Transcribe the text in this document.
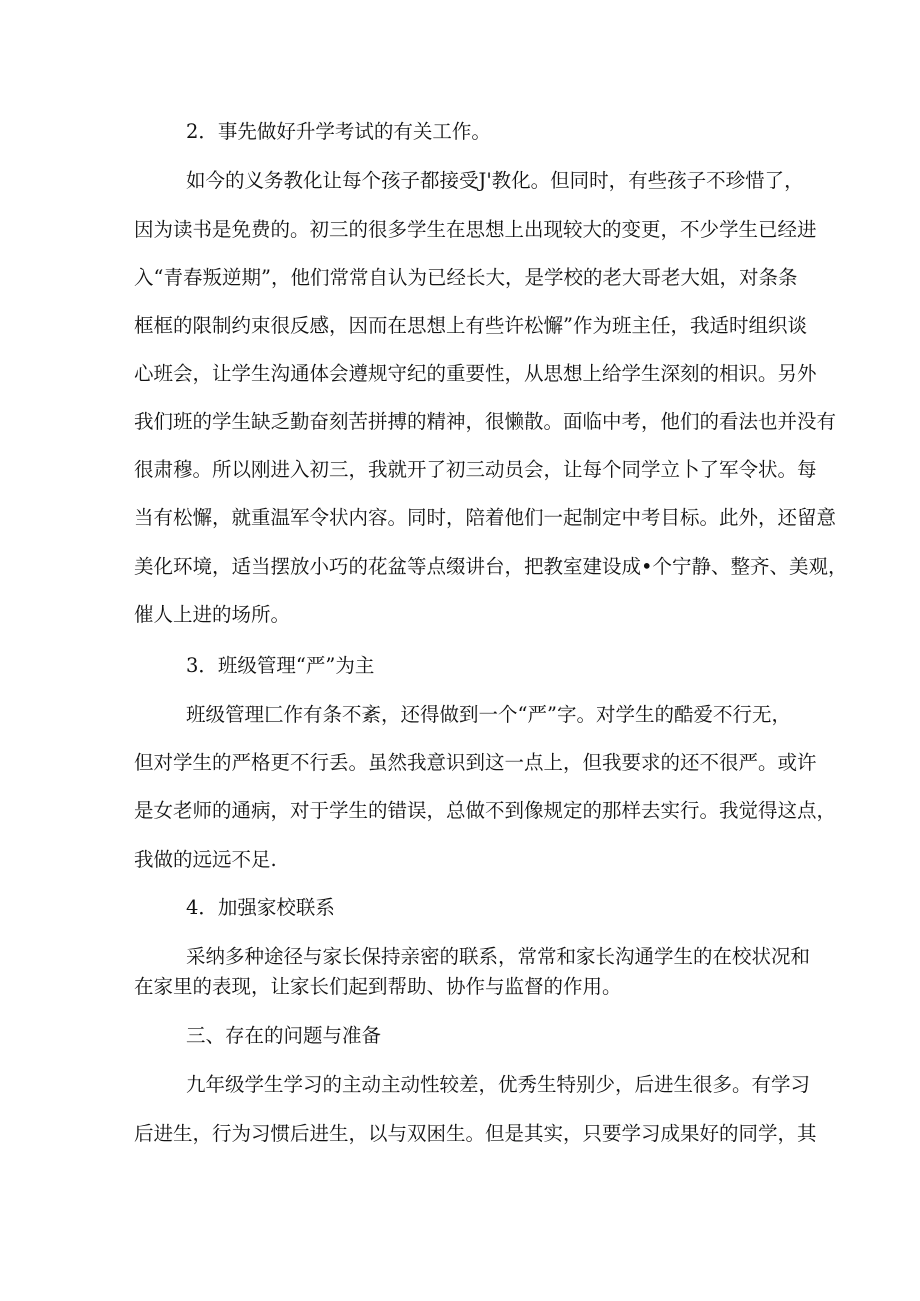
2．事先做好升学考试的有关工作。
如今的义务教化让每个孩子都接受J'教化。但同时，有些孩子不珍惜了，
因为读书是免费的。初三的很多学生在思想上出现较大的变更，不少学生已经进
入“青春叛逆期”，他们常常自认为已经长大，是学校的老大哥老大姐，对条条
框框的限制约束很反感，因而在思想上有些许松懈”作为班主任，我适时组织谈
心班会，让学生沟通体会遵规守纪的重要性，从思想上给学生深刻的相识。另外
我们班的学生缺乏勤奋刻苦拼搏的精神，很懒散。面临中考，他们的看法也并没有
很肃穆。所以刚进入初三，我就开了初三动员会，让每个同学立卜了军令状。每
当有松懈，就重温军令状内容。同时，陪着他们一起制定中考目标。此外，还留意
美化环境，适当摆放小巧的花盆等点缀讲台，把教室建设成•个宁静、整齐、美观，
催人上进的场所。
3．班级管理“严”为主
班级管理匚作有条不紊，还得做到一个“严”字。对学生的酷爱不行无，
但对学生的严格更不行丢。虽然我意识到这一点上，但我要求的还不很严。或许
是女老师的通病，对于学生的错误，总做不到像规定的那样去实行。我觉得这点，
我做的远远不足.
4．加强家校联系
采纳多种途径与家长保持亲密的联系，常常和家长沟通学生的在校状况和
在家里的表现，让家长们起到帮助、协作与监督的作用。
三、存在的问题与准备
九年级学生学习的主动主动性较差，优秀生特别少，后进生很多。有学习
后进生，行为习惯后进生，以与双困生。但是其实，只要学习成果好的同学，其
